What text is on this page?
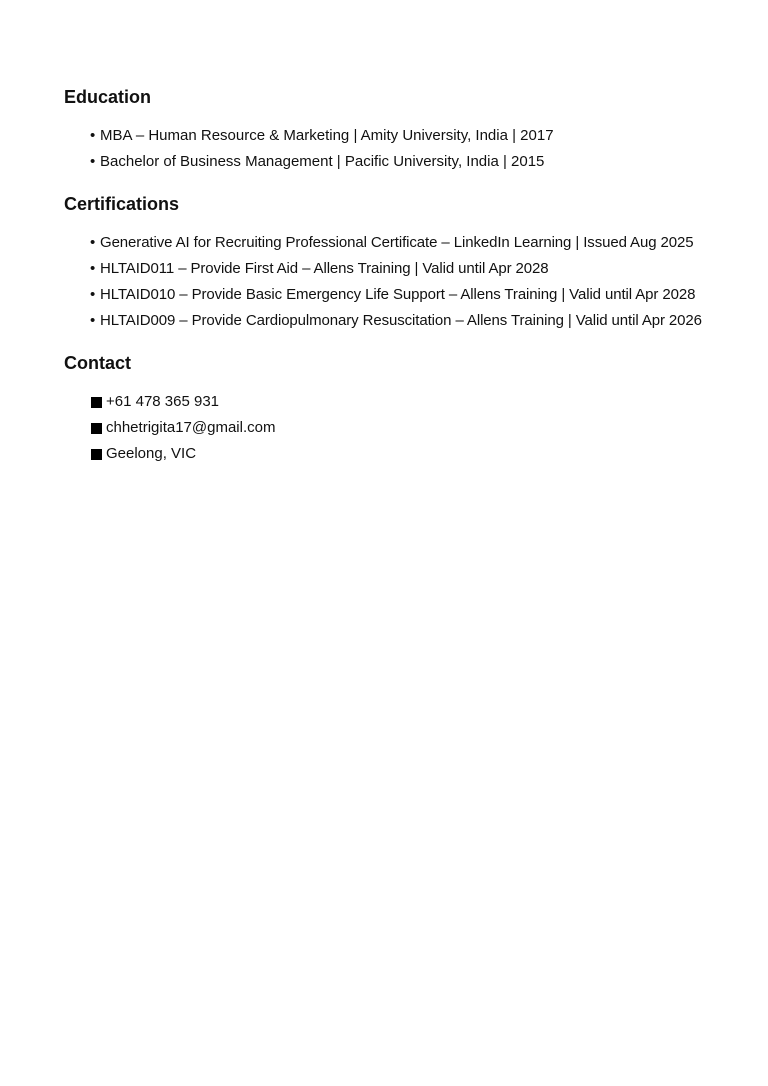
Education
• MBA – Human Resource & Marketing | Amity University, India | 2017
• Bachelor of Business Management | Pacific University, India | 2015
Certifications
• Generative AI for Recruiting Professional Certificate – LinkedIn Learning | Issued Aug 2025
• HLTAID011 – Provide First Aid – Allens Training | Valid until Apr 2028
• HLTAID010 – Provide Basic Emergency Life Support – Allens Training | Valid until Apr 2028
• HLTAID009 – Provide Cardiopulmonary Resuscitation – Allens Training | Valid until Apr 2026
Contact
+61 478 365 931
chhetrigita17@gmail.com
Geelong, VIC
